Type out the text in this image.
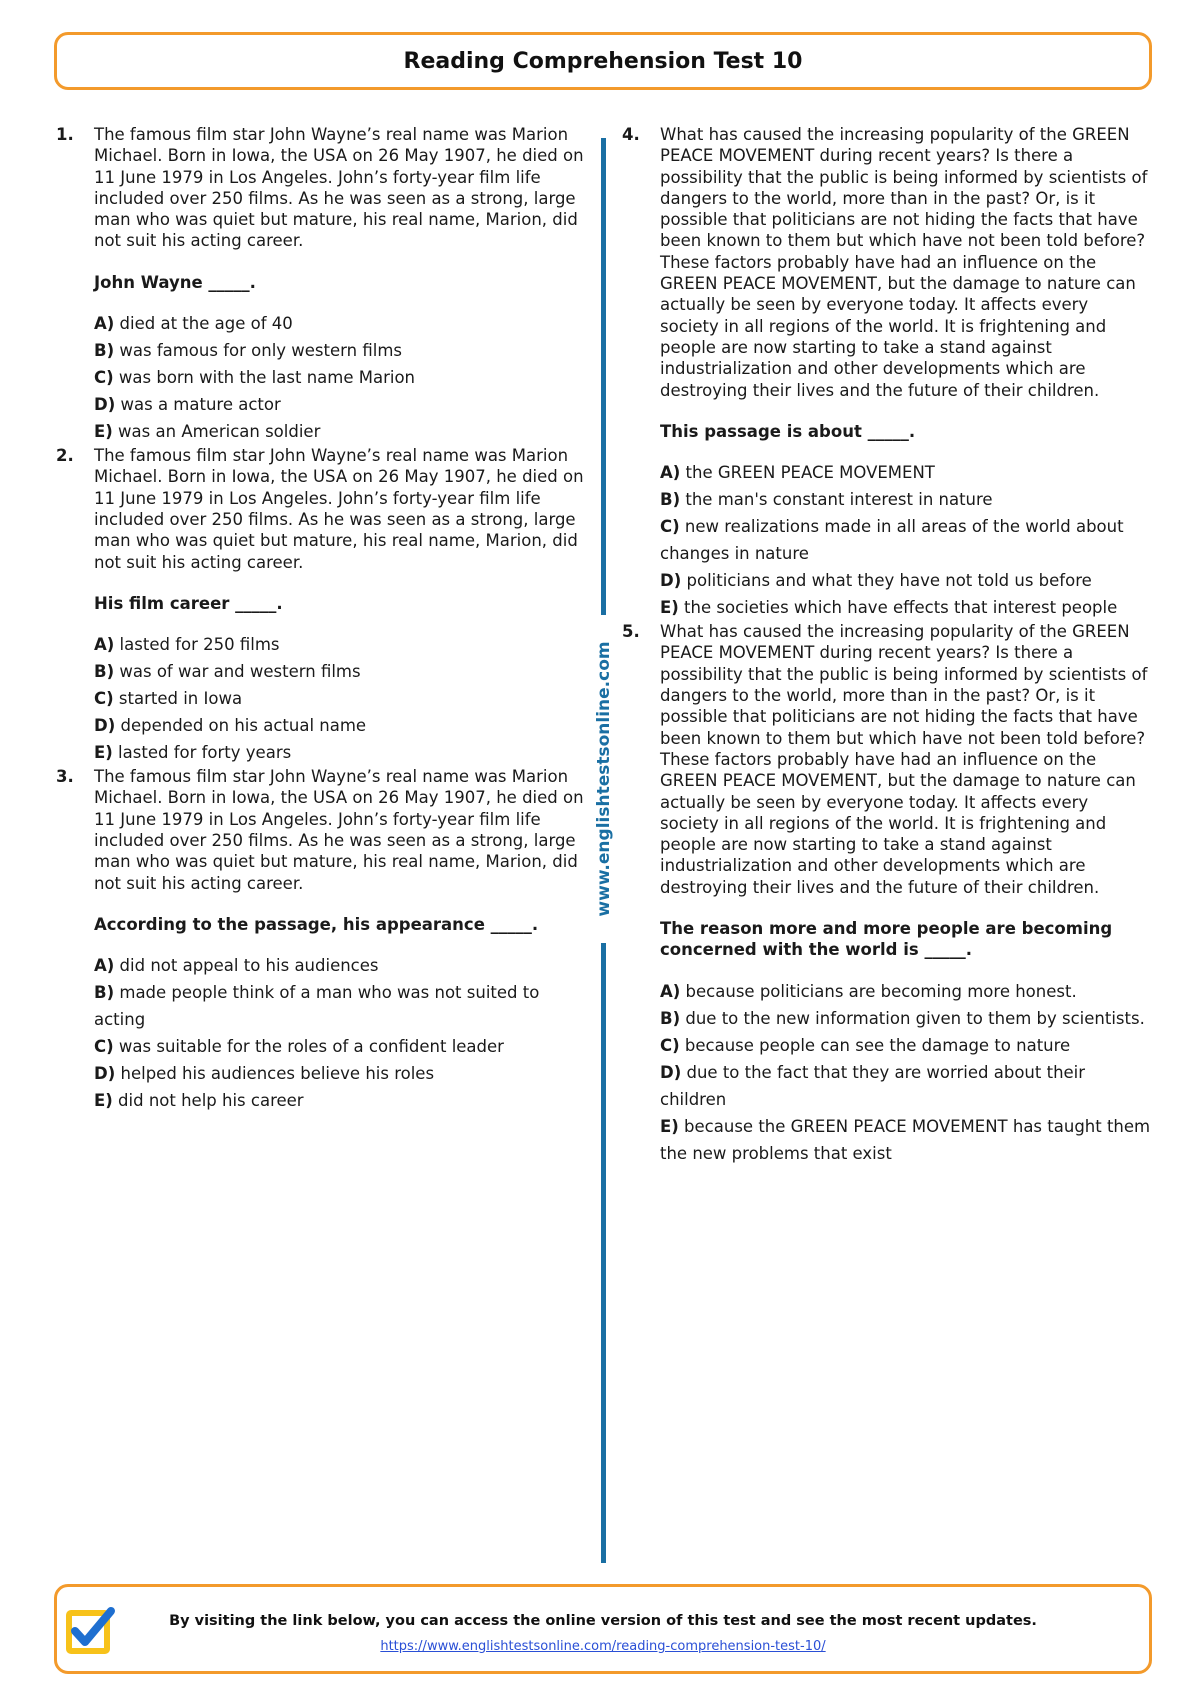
Reading Comprehension Test 10
1. The famous film star John Wayne’s real name was Marion Michael. Born in Iowa, the USA on 26 May 1907, he died on 11 June 1979 in Los Angeles. John’s forty-year film life included over 250 films. As he was seen as a strong, large man who was quiet but mature, his real name, Marion, did not suit his acting career.

John Wayne _____.

A) died at the age of 40
B) was famous for only western films
C) was born with the last name Marion
D) was a mature actor
E) was an American soldier
2. The famous film star John Wayne’s real name was Marion Michael. Born in Iowa, the USA on 26 May 1907, he died on 11 June 1979 in Los Angeles. John’s forty-year film life included over 250 films. As he was seen as a strong, large man who was quiet but mature, his real name, Marion, did not suit his acting career.

His film career _____.

A) lasted for 250 films
B) was of war and western films
C) started in Iowa
D) depended on his actual name
E) lasted for forty years
3. The famous film star John Wayne’s real name was Marion Michael. Born in Iowa, the USA on 26 May 1907, he died on 11 June 1979 in Los Angeles. John’s forty-year film life included over 250 films. As he was seen as a strong, large man who was quiet but mature, his real name, Marion, did not suit his acting career.

According to the passage, his appearance _____.

A) did not appeal to his audiences
B) made people think of a man who was not suited to acting
C) was suitable for the roles of a confident leader
D) helped his audiences believe his roles
E) did not help his career
www.englishtestsonline.com
4. What has caused the increasing popularity of the GREEN PEACE MOVEMENT during recent years? Is there a possibility that the public is being informed by scientists of dangers to the world, more than in the past? Or, is it possible that politicians are not hiding the facts that have been known to them but which have not been told before? These factors probably have had an influence on the GREEN PEACE MOVEMENT, but the damage to nature can actually be seen by everyone today. It affects every society in all regions of the world. It is frightening and people are now starting to take a stand against industrialization and other developments which are destroying their lives and the future of their children.

This passage is about _____.

A) the GREEN PEACE MOVEMENT
B) the man's constant interest in nature
C) new realizations made in all areas of the world about changes in nature
D) politicians and what they have not told us before
E) the societies which have effects that interest people
5. What has caused the increasing popularity of the GREEN PEACE MOVEMENT during recent years? Is there a possibility that the public is being informed by scientists of dangers to the world, more than in the past? Or, is it possible that politicians are not hiding the facts that have been known to them but which have not been told before? These factors probably have had an influence on the GREEN PEACE MOVEMENT, but the damage to nature can actually be seen by everyone today. It affects every society in all regions of the world. It is frightening and people are now starting to take a stand against industrialization and other developments which are destroying their lives and the future of their children.

The reason more and more people are becoming concerned with the world is _____.

A) because politicians are becoming more honest.
B) due to the new information given to them by scientists.
C) because people can see the damage to nature
D) due to the fact that they are worried about their children
E) because the GREEN PEACE MOVEMENT has taught them the new problems that exist
By visiting the link below, you can access the online version of this test and see the most recent updates.
https://www.englishtestsonline.com/reading-comprehension-test-10/
